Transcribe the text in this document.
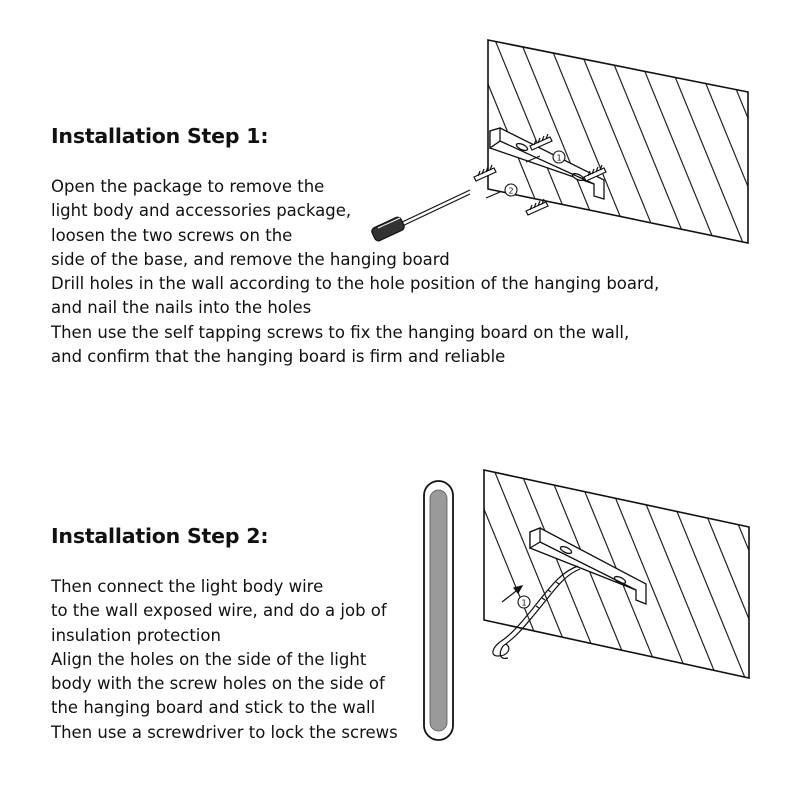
Installation Step 1:
Open the package to remove the
light body and accessories package,
loosen the two screws on the
side of the base, and remove the hanging board
Drill holes in the wall according to the hole position of the hanging board,
and nail the nails into the holes
Then use the self tapping screws to fix the hanging board on the wall,
and confirm that the hanging board is firm and reliable
1
2
Installation Step 2:
Then connect the light body wire
to the wall exposed wire, and do a job of
insulation protection
Align the holes on the side of the light
body with the screw holes on the side of
the hanging board and stick to the wall
Then use a screwdriver to lock the screws
1
